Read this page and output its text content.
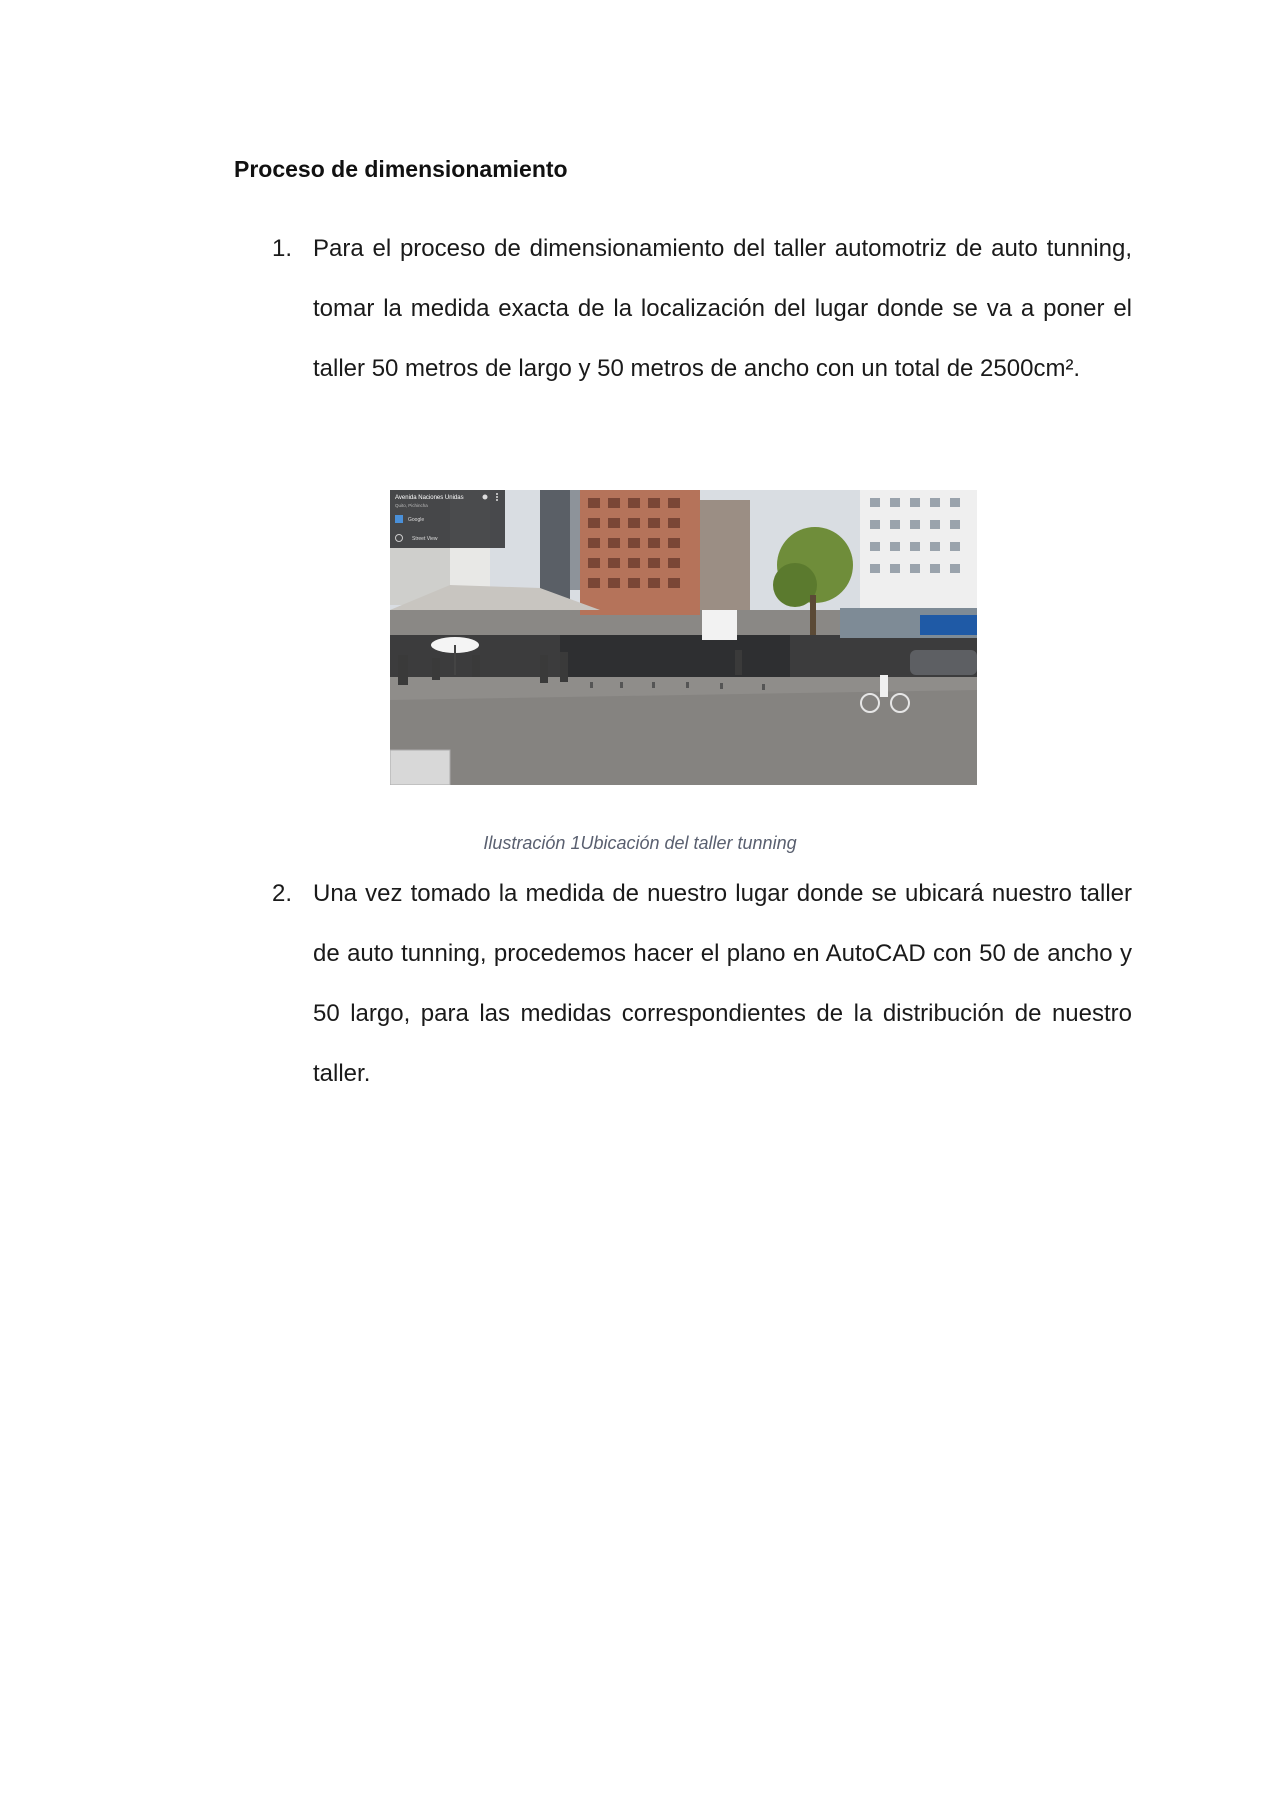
Proceso de dimensionamiento
1. Para el proceso de dimensionamiento del taller automotriz de auto tunning, tomar la medida exacta de la localización del lugar donde se va a poner el taller 50 metros de largo y 50 metros de ancho con un total de 2500cm².
Avenida Naciones Unidas
Quito, Pichincha
Google
Street View
Ilustración 1Ubicación del taller tunning
2. Una vez tomado la medida de nuestro lugar donde se ubicará nuestro taller de auto tunning, procedemos hacer el plano en AutoCAD con 50 de ancho y 50 largo, para las medidas correspondientes de la distribución de nuestro taller.
